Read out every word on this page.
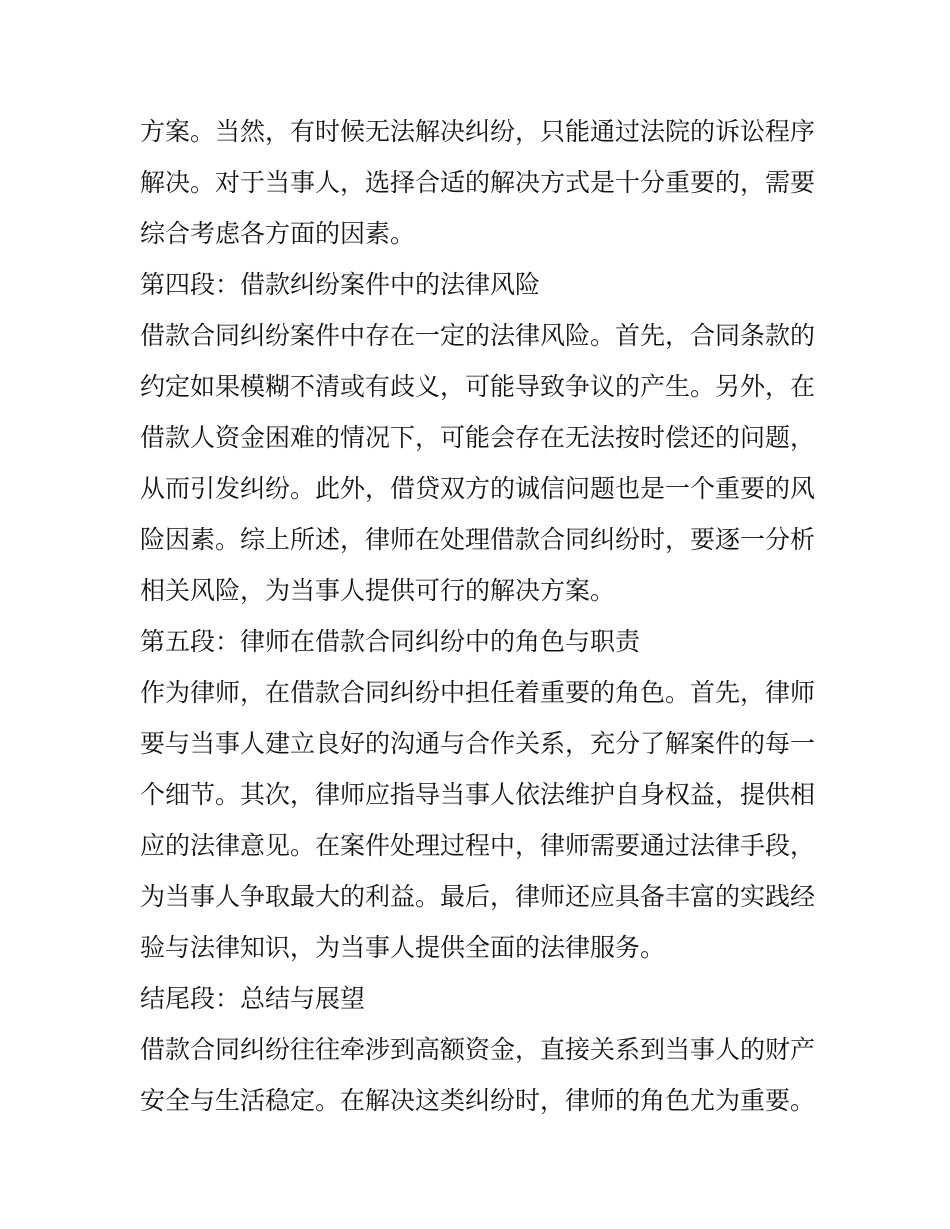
方案。当然，有时候无法解决纠纷，只能通过法院的诉讼程序
解决。对于当事人，选择合适的解决方式是十分重要的，需要
综合考虑各方面的因素。
第四段：借款纠纷案件中的法律风险
借款合同纠纷案件中存在一定的法律风险。首先，合同条款的
约定如果模糊不清或有歧义，可能导致争议的产生。另外，在
借款人资金困难的情况下，可能会存在无法按时偿还的问题，
从而引发纠纷。此外，借贷双方的诚信问题也是一个重要的风
险因素。综上所述，律师在处理借款合同纠纷时，要逐一分析
相关风险，为当事人提供可行的解决方案。
第五段：律师在借款合同纠纷中的角色与职责
作为律师，在借款合同纠纷中担任着重要的角色。首先，律师
要与当事人建立良好的沟通与合作关系，充分了解案件的每一
个细节。其次，律师应指导当事人依法维护自身权益，提供相
应的法律意见。在案件处理过程中，律师需要通过法律手段，
为当事人争取最大的利益。最后，律师还应具备丰富的实践经
验与法律知识，为当事人提供全面的法律服务。
结尾段：总结与展望
借款合同纠纷往往牵涉到高额资金，直接关系到当事人的财产
安全与生活稳定。在解决这类纠纷时，律师的角色尤为重要。
